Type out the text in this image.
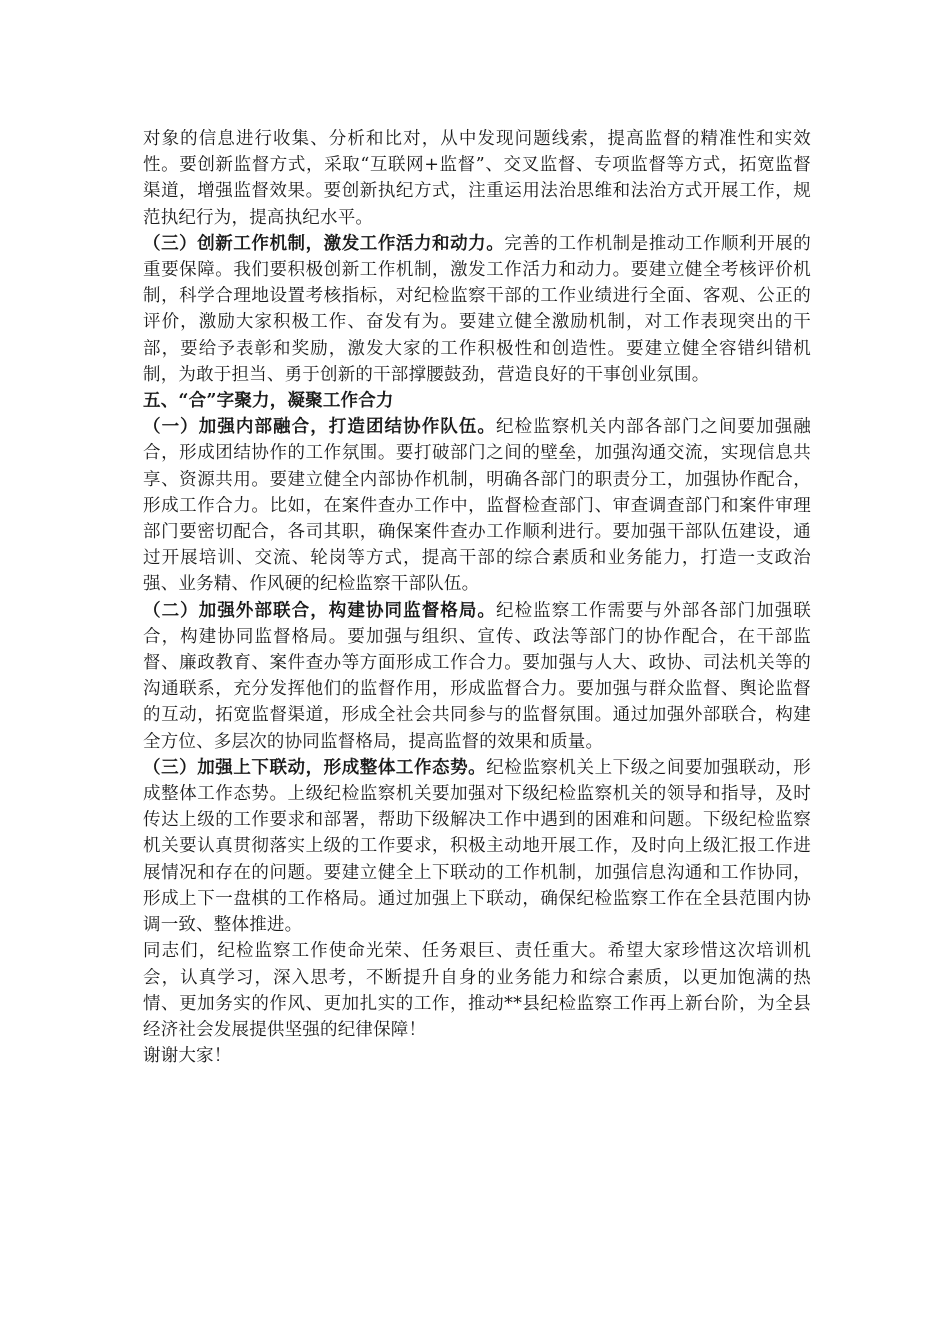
对象的信息进行收集、分析和比对，从中发现问题线索，提高监督的精准性和实效性。要创新监督方式，采取“互联网+监督”、交叉监督、专项监督等方式，拓宽监督渠道，增强监督效果。要创新执纪方式，注重运用法治思维和法治方式开展工作，规范执纪行为，提高执纪水平。

（三）创新工作机制，激发工作活力和动力。完善的工作机制是推动工作顺利开展的重要保障。我们要积极创新工作机制，激发工作活力和动力。要建立健全考核评价机制，科学合理地设置考核指标，对纪检监察干部的工作业绩进行全面、客观、公正的评价，激励大家积极工作、奋发有为。要建立健全激励机制，对工作表现突出的干部，要给予表彰和奖励，激发大家的工作积极性和创造性。要建立健全容错纠错机制，为敢于担当、勇于创新的干部撑腰鼓劲，营造良好的干事创业氛围。

五、“合”字聚力，凝聚工作合力

（一）加强内部融合，打造团结协作队伍。纪检监察机关内部各部门之间要加强融合，形成团结协作的工作氛围。要打破部门之间的壁垒，加强沟通交流，实现信息共享、资源共用。要建立健全内部协作机制，明确各部门的职责分工，加强协作配合，形成工作合力。比如，在案件查办工作中，监督检查部门、审查调查部门和案件审理部门要密切配合，各司其职，确保案件查办工作顺利进行。要加强干部队伍建设，通过开展培训、交流、轮岗等方式，提高干部的综合素质和业务能力，打造一支政治强、业务精、作风硬的纪检监察干部队伍。

（二）加强外部联合，构建协同监督格局。纪检监察工作需要与外部各部门加强联合，构建协同监督格局。要加强与组织、宣传、政法等部门的协作配合，在干部监督、廉政教育、案件查办等方面形成工作合力。要加强与人大、政协、司法机关等的沟通联系，充分发挥他们的监督作用，形成监督合力。要加强与群众监督、舆论监督的互动，拓宽监督渠道，形成全社会共同参与的监督氛围。通过加强外部联合，构建全方位、多层次的协同监督格局，提高监督的效果和质量。

（三）加强上下联动，形成整体工作态势。纪检监察机关上下级之间要加强联动，形成整体工作态势。上级纪检监察机关要加强对下级纪检监察机关的领导和指导，及时传达上级的工作要求和部署，帮助下级解决工作中遇到的困难和问题。下级纪检监察机关要认真贯彻落实上级的工作要求，积极主动地开展工作，及时向上级汇报工作进展情况和存在的问题。要建立健全上下联动的工作机制，加强信息沟通和工作协同，形成上下一盘棋的工作格局。通过加强上下联动，确保纪检监察工作在全县范围内协调一致、整体推进。

同志们，纪检监察工作使命光荣、任务艰巨、责任重大。希望大家珍惜这次培训机会，认真学习，深入思考，不断提升自身的业务能力和综合素质，以更加饱满的热情、更加务实的作风、更加扎实的工作，推动**县纪检监察工作再上新台阶，为全县经济社会发展提供坚强的纪律保障！

谢谢大家！
